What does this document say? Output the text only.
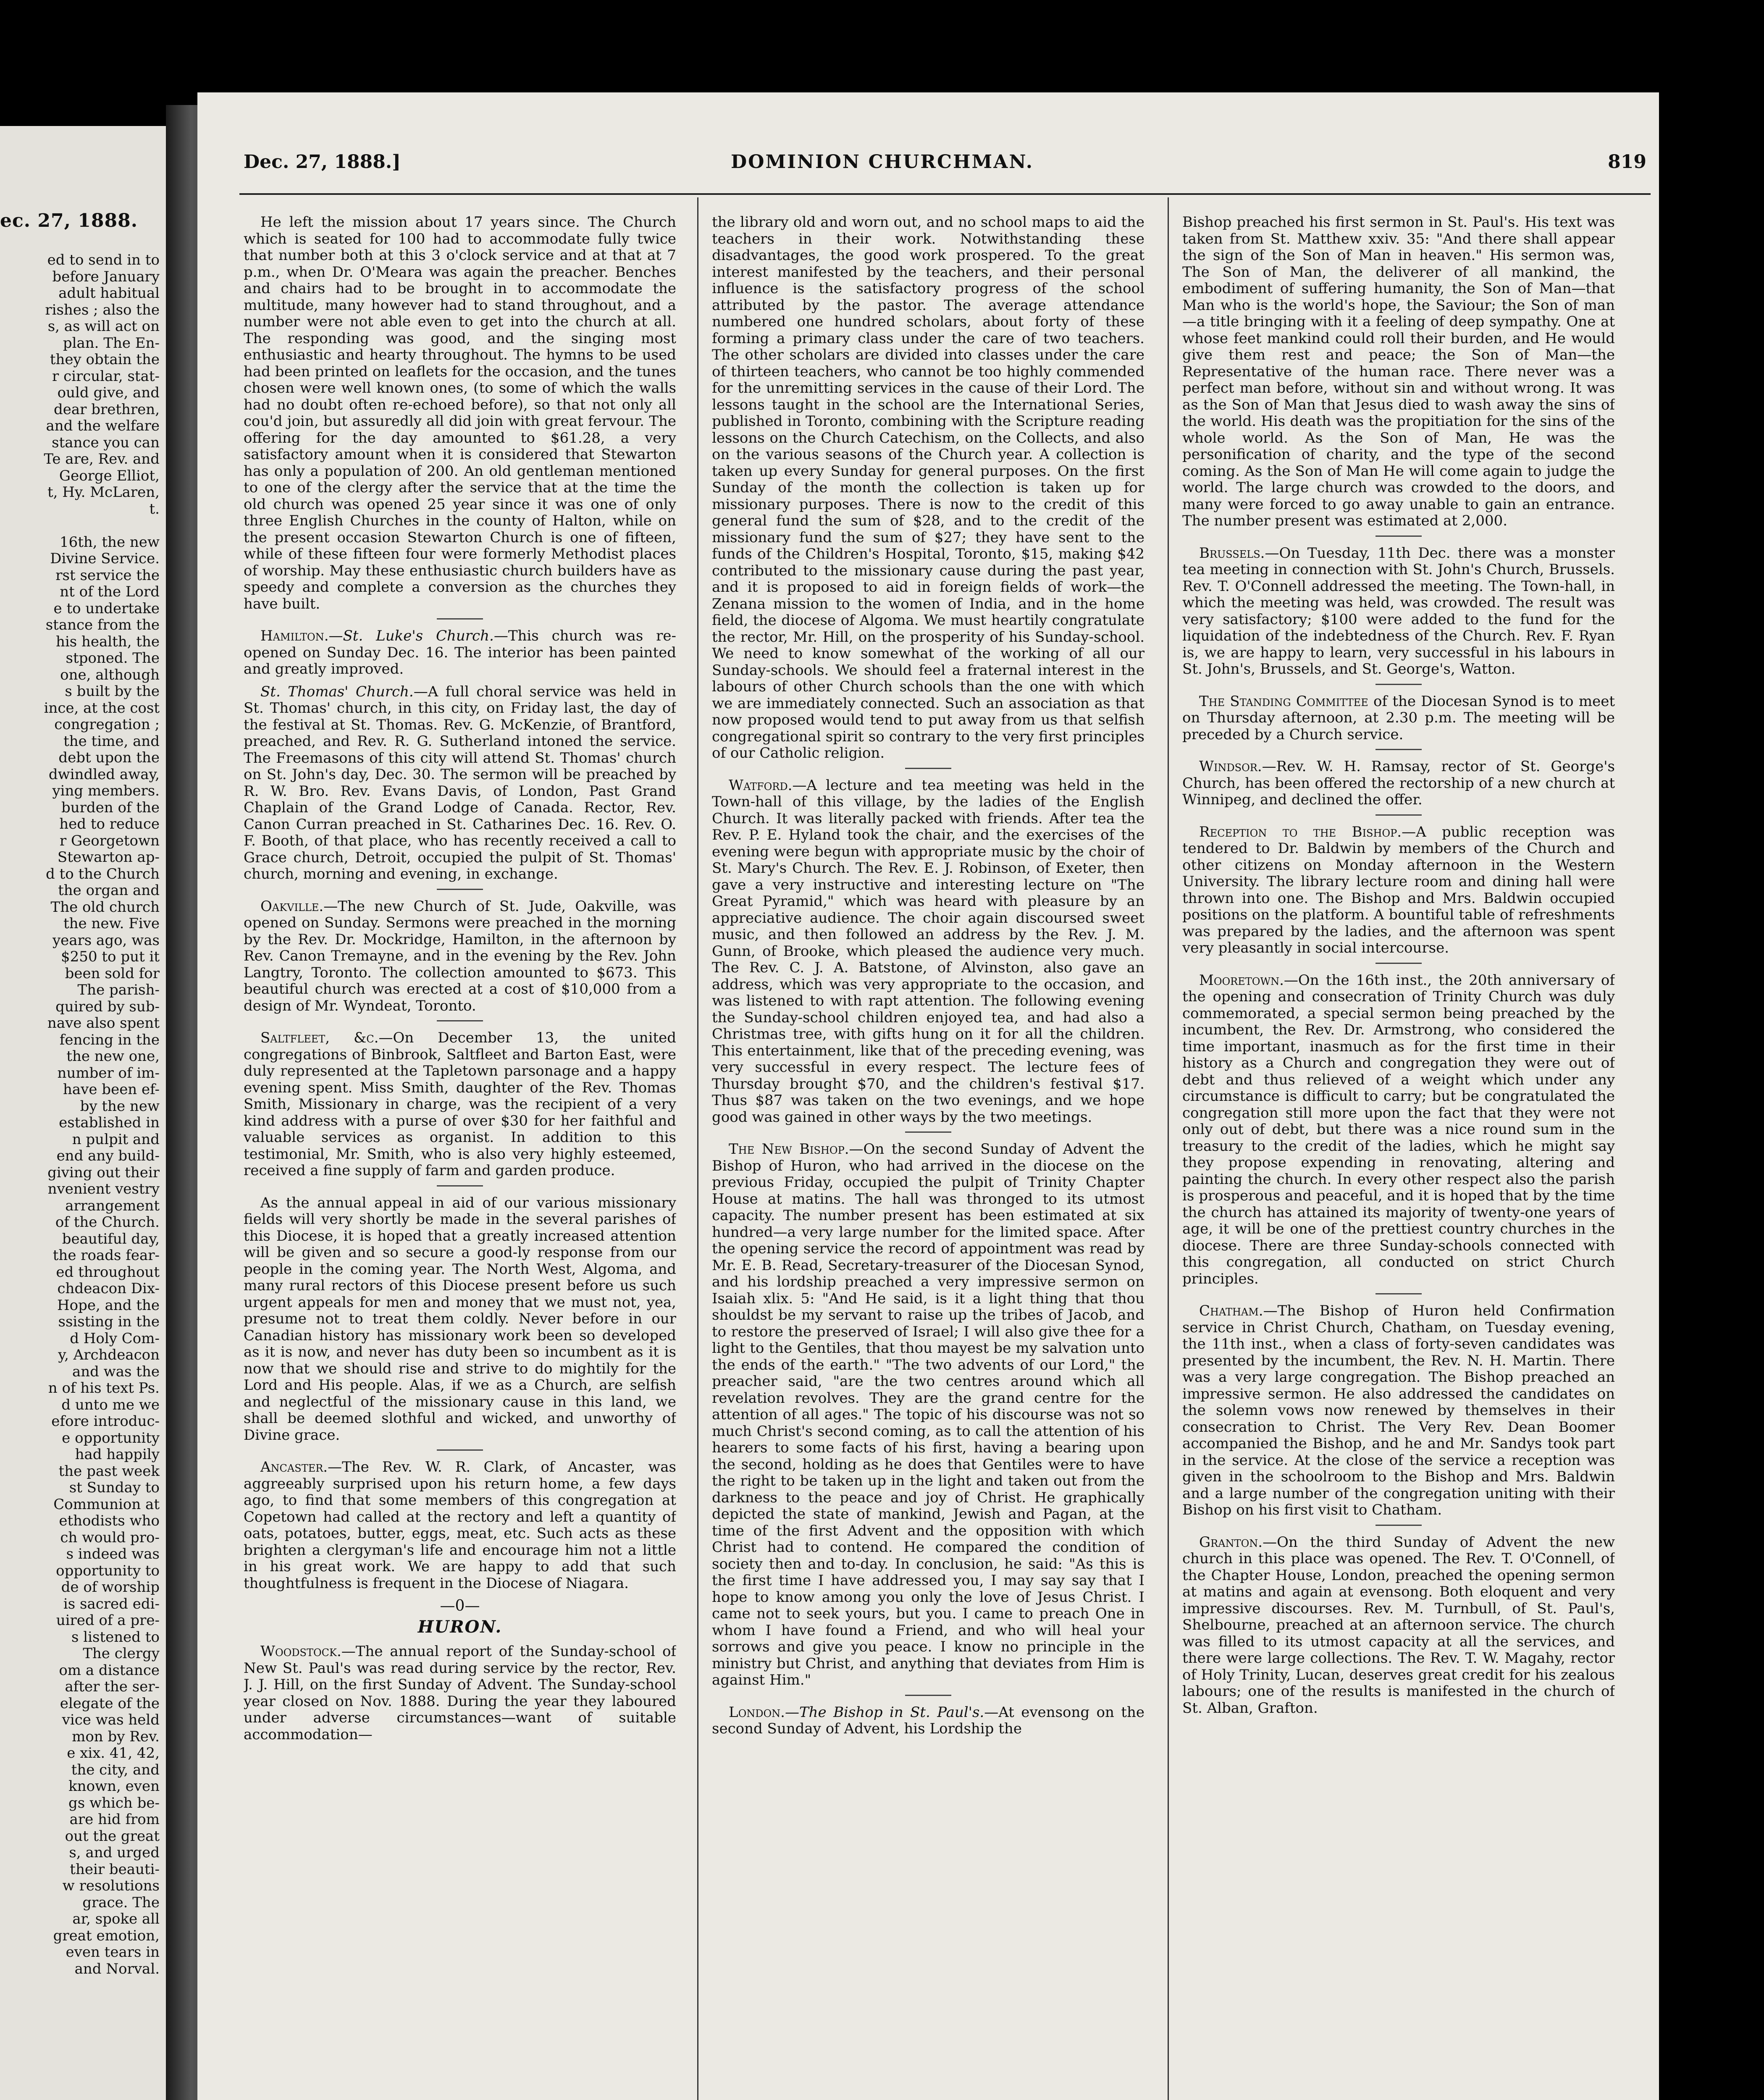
ec. 27, 1888.
ed to send in to
before January
adult habitual
rishes ; also the
s, as will act on
plan. The En-
they obtain the
r circular, stat-
ould give, and
dear brethren,
and the welfare
stance you can
Te are, Rev. and
George Elliot,
t, Hy. McLaren,
t.

16th, the new
Divine Service.
rst service the
nt of the Lord
e to undertake
stance from the
his health, the
stponed. The
one, although
s built by the
ince, at the cost
congregation ;
the time, and
debt upon the
dwindled away,
ying members.
burden of the
hed to reduce
r Georgetown
Stewarton ap-
d to the Church
the organ and
The old church
the new. Five
years ago, was
$250 to put it
been sold for
The parish-
quired by sub-
nave also spent
fencing in the
the new one,
number of im-
have been ef-
by the new
established in
n pulpit and
end any build-
giving out their
nvenient vestry
arrangement
of the Church.
beautiful day,
the roads fear-
ed throughout
chdeacon Dix-
Hope, and the
ssisting in the
d Holy Com-
y, Archdeacon
and was the
n of his text Ps.
d unto me we
efore introduc-
e opportunity
had happily
the past week
st Sunday to
Communion at
ethodists who
ch would pro-
s indeed was
opportunity to
de of worship
is sacred edi-
uired of a pre-
s listened to
The clergy
om a distance
after the ser-
elegate of the
vice was held
mon by Rev.
e xix. 41, 42,
the city, and
known, even
gs which be-
are hid from
out the great
s, and urged
their beauti-
w resolutions
grace. The
ar, spoke all
great emotion,
even tears in
and Norval.
Dec. 27, 1888.]	DOMINION CHURCHMAN.	819

He left the mission about 17 years since. The Church which is seated for 100 had to accommodate fully twice that number both at this 3 o'clock service and at that at 7 p.m., when Dr. O'Meara was again the preacher. Benches and chairs had to be brought in to accommodate the multitude, many however had to stand throughout, and a number were not able even to get into the church at all. The responding was good, and the singing most enthusiastic and hearty throughout. The hymns to be used had been printed on leaflets for the occasion, and the tunes chosen were well known ones, (to some of which the walls had no doubt often re-echoed before), so that not only all cou'd join, but assuredly all did join with great fervour. The offering for the day amounted to $61.28, a very satisfactory amount when it is considered that Stewarton has only a population of 200. An old gentleman mentioned to one of the clergy after the service that at the time the old church was opened 25 year since it was one of only three English Churches in the county of Halton, while on the present occasion Stewarton Church is one of fifteen, while of these fifteen four were formerly Methodist places of worship. May these enthusiastic church builders have as speedy and complete a conversion as the churches they have built.

Hamilton.—St. Luke's Church.—This church was re-opened on Sunday Dec. 16. The interior has been painted and greatly improved.

St. Thomas' Church.—A full choral service was held in St. Thomas' church, in this city, on Friday last, the day of the festival at St. Thomas. Rev. G. McKenzie, of Brantford, preached, and Rev. R. G. Sutherland intoned the service. The Freemasons of this city will attend St. Thomas' church on St. John's day, Dec. 30. The sermon will be preached by R. W. Bro. Rev. Evans Davis, of London, Past Grand Chaplain of the Grand Lodge of Canada. Rector, Rev. Canon Curran preached in St. Catharines Dec. 16. Rev. O. F. Booth, of that place, who has recently received a call to Grace church, Detroit, occupied the pulpit of St. Thomas' church, morning and evening, in exchange.

Oakville.—The new Church of St. Jude, Oakville, was opened on Sunday. Sermons were preached in the morning by the Rev. Dr. Mockridge, Hamilton, in the afternoon by Rev. Canon Tremayne, and in the evening by the Rev. John Langtry, Toronto. The collection amounted to $673. This beautiful church was erected at a cost of $10,000 from a design of Mr. Wyndeat, Toronto.

Saltfleet, &c.—On December 13, the united congregations of Binbrook, Saltfleet and Barton East, were duly represented at the Tapletown parsonage and a happy evening spent. Miss Smith, daughter of the Rev. Thomas Smith, Missionary in charge, was the recipient of a very kind address with a purse of over $30 for her faithful and valuable services as organist. In addition to this testimonial, Mr. Smith, who is also very highly esteemed, received a fine supply of farm and garden produce.

As the annual appeal in aid of our various missionary fields will very shortly be made in the several parishes of this Diocese, it is hoped that a greatly increased attention will be given and so secure a good-ly response from our people in the coming year. The North West, Algoma, and many rural rectors of this Diocese present before us such urgent appeals for men and money that we must not, yea, presume not to treat them coldly. Never before in our Canadian history has missionary work been so developed as it is now, and never has duty been so incumbent as it is now that we should rise and strive to do mightily for the Lord and His people. Alas, if we as a Church, are selfish and neglectful of the missionary cause in this land, we shall be deemed slothful and wicked, and unworthy of Divine grace.

Ancaster.—The Rev. W. R. Clark, of Ancaster, was aggreeably surprised upon his return home, a few days ago, to find that some members of this congregation at Copetown had called at the rectory and left a quantity of oats, potatoes, butter, eggs, meat, etc. Such acts as these brighten a clergyman's life and encourage him not a little in his great work. We are happy to add that such thoughtfulness is frequent in the Diocese of Niagara.

—0—
HURON.

Woodstock.—The annual report of the Sunday-school of New St. Paul's was read during service by the rector, Rev. J. J. Hill, on the first Sunday of Advent. The Sunday-school year closed on Nov. 1888. During the year they laboured under adverse circumstances—want of suitable accommodation—

the library old and worn out, and no school maps to aid the teachers in their work. Notwithstanding these disadvantages, the good work prospered. To the great interest manifested by the teachers, and their personal influence is the satisfactory progress of the school attributed by the pastor. The average attendance numbered one hundred scholars, about forty of these forming a primary class under the care of two teachers. The other scholars are divided into classes under the care of thirteen teachers, who cannot be too highly commended for the unremitting services in the cause of their Lord. The lessons taught in the school are the International Series, published in Toronto, combining with the Scripture reading lessons on the Church Catechism, on the Collects, and also on the various seasons of the Church year. A collection is taken up every Sunday for general purposes. On the first Sunday of the month the collection is taken up for missionary purposes. There is now to the credit of this general fund the sum of $28, and to the credit of the missionary fund the sum of $27; they have sent to the funds of the Children's Hospital, Toronto, $15, making $42 contributed to the missionary cause during the past year, and it is proposed to aid in foreign fields of work—the Zenana mission to the women of India, and in the home field, the diocese of Algoma. We must heartily congratulate the rector, Mr. Hill, on the prosperity of his Sunday-school. We need to know somewhat of the working of all our Sunday-schools. We should feel a fraternal interest in the labours of other Church schools than the one with which we are immediately connected. Such an association as that now proposed would tend to put away from us that selfish congregational spirit so contrary to the very first principles of our Catholic religion.

Watford.—A lecture and tea meeting was held in the Town-hall of this village, by the ladies of the English Church. It was literally packed with friends. After tea the Rev. P. E. Hyland took the chair, and the exercises of the evening were begun with appropriate music by the choir of St. Mary's Church. The Rev. E. J. Robinson, of Exeter, then gave a very instructive and interesting lecture on "The Great Pyramid," which was heard with pleasure by an appreciative audience. The choir again discoursed sweet music, and then followed an address by the Rev. J. M. Gunn, of Brooke, which pleased the audience very much. The Rev. C. J. A. Batstone, of Alvinston, also gave an address, which was very appropriate to the occasion, and was listened to with rapt attention. The following evening the Sunday-school children enjoyed tea, and had also a Christmas tree, with gifts hung on it for all the children. This entertainment, like that of the preceding evening, was very successful in every respect. The lecture fees of Thursday brought $70, and the children's festival $17. Thus $87 was taken on the two evenings, and we hope good was gained in other ways by the two meetings.

The New Bishop.—On the second Sunday of Advent the Bishop of Huron, who had arrived in the diocese on the previous Friday, occupied the pulpit of Trinity Chapter House at matins. The hall was thronged to its utmost capacity. The number present has been estimated at six hundred—a very large number for the limited space. After the opening service the record of appointment was read by Mr. E. B. Read, Secretary-treasurer of the Diocesan Synod, and his lordship preached a very impressive sermon on Isaiah xlix. 5: "And He said, is it a light thing that thou shouldst be my servant to raise up the tribes of Jacob, and to restore the preserved of Israel; I will also give thee for a light to the Gentiles, that thou mayest be my salvation unto the ends of the earth." "The two advents of our Lord," the preacher said, "are the two centres around which all revelation revolves. They are the grand centre for the attention of all ages." The topic of his discourse was not so much Christ's second coming, as to call the attention of his hearers to some facts of his first, having a bearing upon the second, holding as he does that Gentiles were to have the right to be taken up in the light and taken out from the darkness to the peace and joy of Christ. He graphically depicted the state of mankind, Jewish and Pagan, at the time of the first Advent and the opposition with which Christ had to contend. He compared the condition of society then and to-day. In conclusion, he said: "As this is the first time I have addressed you, I may say say that I hope to know among you only the love of Jesus Christ. I came not to seek yours, but you. I came to preach One in whom I have found a Friend, and who will heal your sorrows and give you peace. I know no principle in the ministry but Christ, and anything that deviates from Him is against Him."

London.—The Bishop in St. Paul's.—At evensong on the second Sunday of Advent, his Lordship the

Bishop preached his first sermon in St. Paul's. His text was taken from St. Matthew xxiv. 35: "And there shall appear the sign of the Son of Man in heaven." His sermon was, The Son of Man, the deliverer of all mankind, the embodiment of suffering humanity, the Son of Man—that Man who is the world's hope, the Saviour; the Son of man—a title bringing with it a feeling of deep sympathy. One at whose feet mankind could roll their burden, and He would give them rest and peace; the Son of Man—the Representative of the human race. There never was a perfect man before, without sin and without wrong. It was as the Son of Man that Jesus died to wash away the sins of the world. His death was the propitiation for the sins of the whole world. As the Son of Man, He was the personification of charity, and the type of the second coming. As the Son of Man He will come again to judge the world. The large church was crowded to the doors, and many were forced to go away unable to gain an entrance. The number present was estimated at 2,000.

Brussels.—On Tuesday, 11th Dec. there was a monster tea meeting in connection with St. John's Church, Brussels. Rev. T. O'Connell addressed the meeting. The Town-hall, in which the meeting was held, was crowded. The result was very satisfactory; $100 were added to the fund for the liquidation of the indebtedness of the Church. Rev. F. Ryan is, we are happy to learn, very successful in his labours in St. John's, Brussels, and St. George's, Watton.

The Standing Committee of the Diocesan Synod is to meet on Thursday afternoon, at 2.30 p.m. The meeting will be preceded by a Church service.

Windsor.—Rev. W. H. Ramsay, rector of St. George's Church, has been offered the rectorship of a new church at Winnipeg, and declined the offer.

Reception to the Bishop.—A public reception was tendered to Dr. Baldwin by members of the Church and other citizens on Monday afternoon in the Western University. The library lecture room and dining hall were thrown into one. The Bishop and Mrs. Baldwin occupied positions on the platform. A bountiful table of refreshments was prepared by the ladies, and the afternoon was spent very pleasantly in social intercourse.

Mooretown.—On the 16th inst., the 20th anniversary of the opening and consecration of Trinity Church was duly commemorated, a special sermon being preached by the incumbent, the Rev. Dr. Armstrong, who considered the time important, inasmuch as for the first time in their history as a Church and congregation they were out of debt and thus relieved of a weight which under any circumstance is difficult to carry; but be congratulated the congregation still more upon the fact that they were not only out of debt, but there was a nice round sum in the treasury to the credit of the ladies, which he might say they propose expending in renovating, altering and painting the church. In every other respect also the parish is prosperous and peaceful, and it is hoped that by the time the church has attained its majority of twenty-one years of age, it will be one of the prettiest country churches in the diocese. There are three Sunday-schools connected with this congregation, all conducted on strict Church principles.

Chatham.—The Bishop of Huron held Confirmation service in Christ Church, Chatham, on Tuesday evening, the 11th inst., when a class of forty-seven candidates was presented by the incumbent, the Rev. N. H. Martin. There was a very large congregation. The Bishop preached an impressive sermon. He also addressed the candidates on the solemn vows now renewed by themselves in their consecration to Christ. The Very Rev. Dean Boomer accompanied the Bishop, and he and Mr. Sandys took part in the service. At the close of the service a reception was given in the schoolroom to the Bishop and Mrs. Baldwin and a large number of the congregation uniting with their Bishop on his first visit to Chatham.

Granton.—On the third Sunday of Advent the new church in this place was opened. The Rev. T. O'Connell, of the Chapter House, London, preached the opening sermon at matins and again at evensong. Both eloquent and very impressive discourses. Rev. M. Turnbull, of St. Paul's, Shelbourne, preached at an afternoon service. The church was filled to its utmost capacity at all the services, and there were large collections. The Rev. T. W. Magahy, rector of Holy Trinity, Lucan, deserves great credit for his zealous labours; one of the results is manifested in the church of St. Alban, Grafton.
